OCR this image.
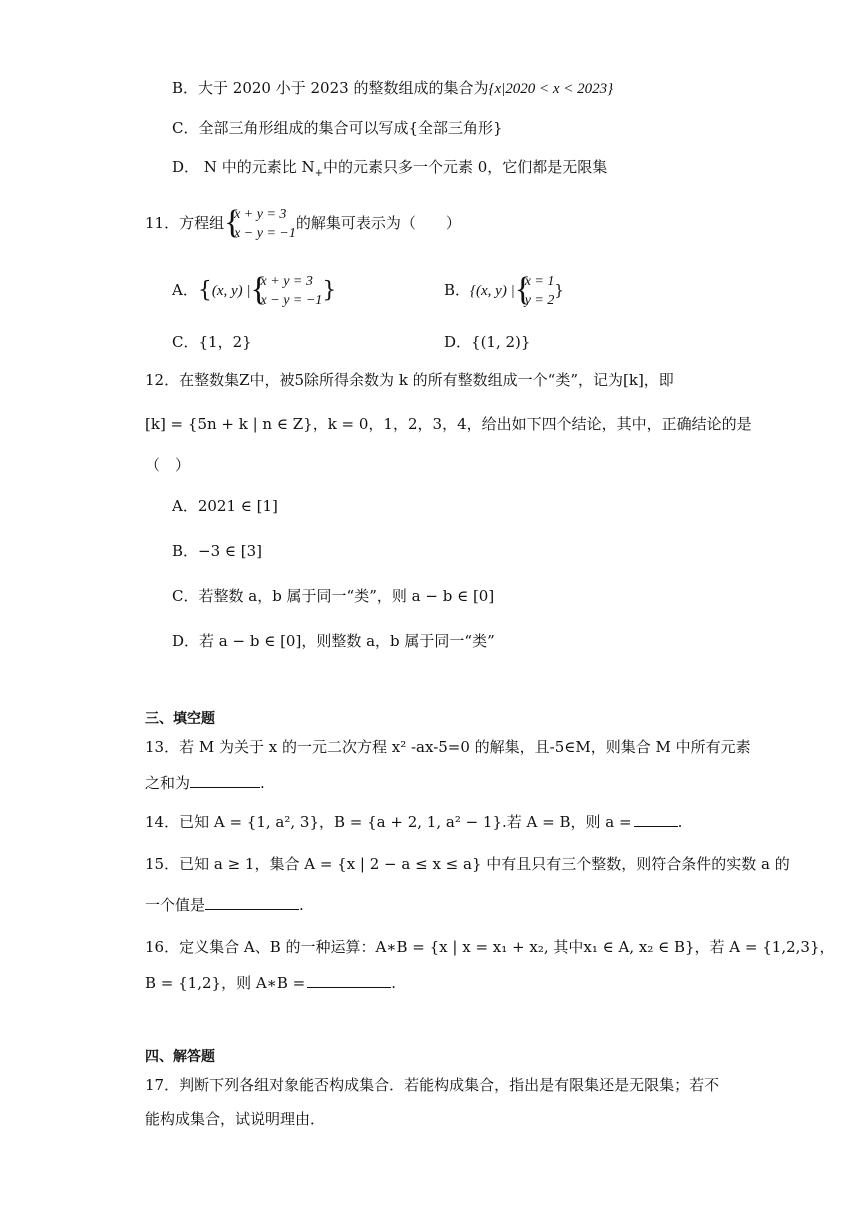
B．大于 2020 小于 2023 的整数组成的集合为{x|2020 < x < 2023}
C．全部三角形组成的集合可以写成{全部三角形}
D． N 中的元素比 $N_+$中的元素只多一个元素 0，它们都是无限集
11．方程组 {
x + y = 3
x − y = −1的解集可表示为（　　）
A．{(x, y) | {
x + y = 3
x − y = −1}	B．{(x, y) | {
x = 1
y = 2}
C．{1，2}	D．{(1, 2)}
12．在整数集Z中，被5除所得余数为 k 的所有整数组成一个“类”，记为[k]，即
[k] = {5n + k | n ∈ Z}，k = 0，1，2，3，4，给出如下四个结论，其中，正确结论的是
（　）
A．2021 ∈ [1]
B．−3 ∈ [3]
C．若整数 a，b 属于同一“类”，则 a − b ∈ [0]
D．若 a − b ∈ [0]，则整数 a，b 属于同一“类”
三、填空题
13．若 M 为关于 x 的一元二次方程 x² -ax-5=0 的解集，且-5∈M，则集合 M 中所有元素
之和为	.
14．已知 A = {1, a², 3}，B = {a + 2, 1, a² − 1}.若 A = B，则 a =	.
15．已知 a ≥ 1，集合 A = {x | 2 − a ≤ x ≤ a} 中有且只有三个整数，则符合条件的实数 a 的
一个值是	.
16．定义集合 A、B 的一种运算：A∗B = {x | x = x₁ + x₂, 其中x₁ ∈ A, x₂ ∈ B}，若 A = {1,2,3}，
B = {1,2}，则 A∗B =	.
四、解答题
17．判断下列各组对象能否构成集合．若能构成集合，指出是有限集还是无限集；若不
能构成集合，试说明理由．
